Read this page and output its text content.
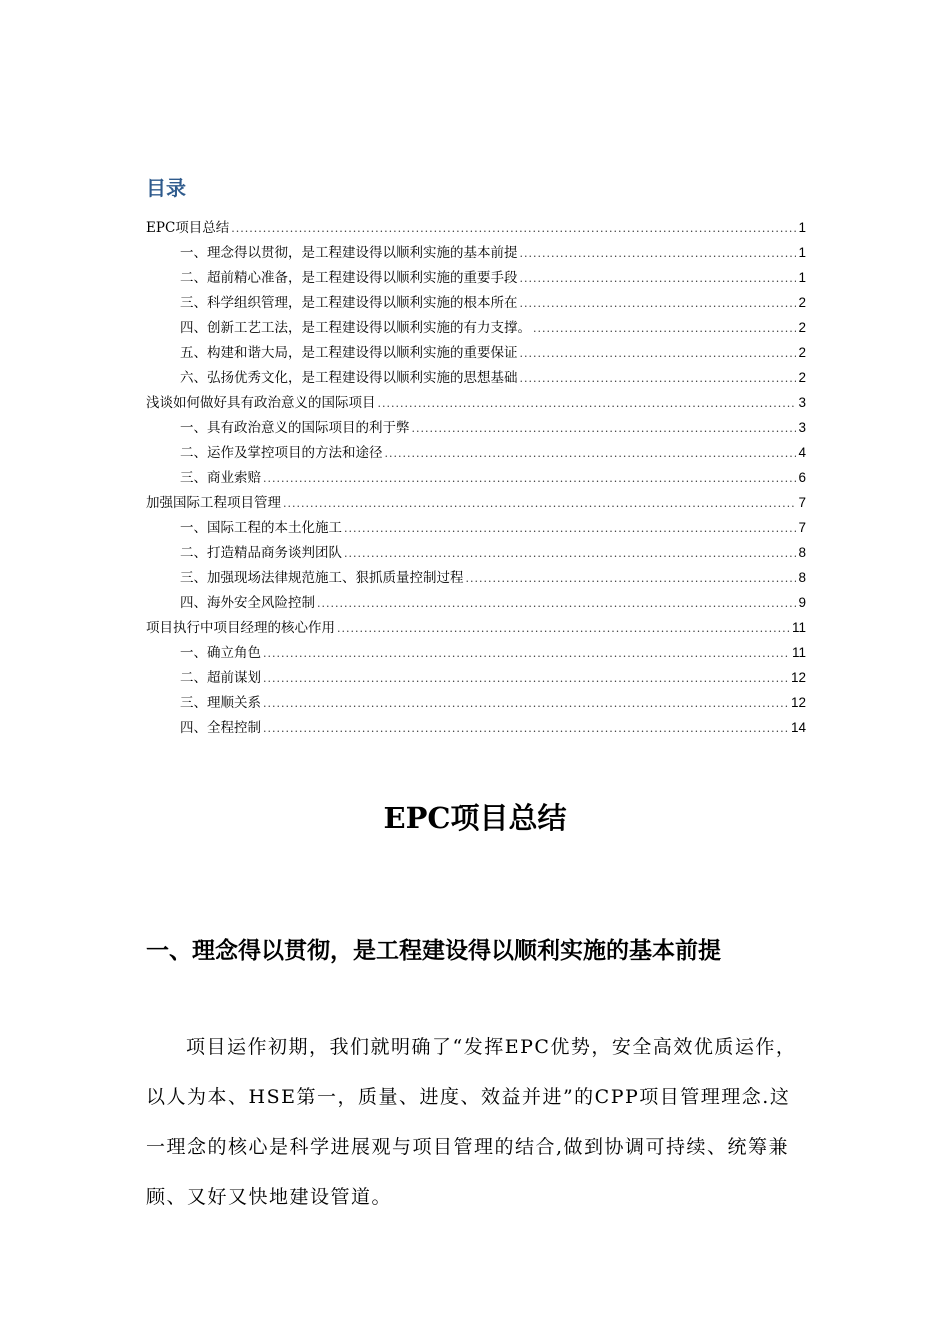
目录
EPC项目总结 .....	1
一、理念得以贯彻，是工程建设得以顺利实施的基本前提 .....	1
二、超前精心准备，是工程建设得以顺利实施的重要手段 .....	1
三、科学组织管理，是工程建设得以顺利实施的根本所在 .....	2
四、创新工艺工法，是工程建设得以顺利实施的有力支撑。 .....	2
五、构建和谐大局，是工程建设得以顺利实施的重要保证 .....	2
六、弘扬优秀文化，是工程建设得以顺利实施的思想基础 .....	2
浅谈如何做好具有政治意义的国际项目 .....	3
一、具有政治意义的国际项目的利于弊 .....	3
二、运作及掌控项目的方法和途径 .....	4
三、商业索赔 .....	6
加强国际工程项目管理 .....	7
一、国际工程的本土化施工 .....	7
二、打造精品商务谈判团队 .....	8
三、加强现场法律规范施工、狠抓质量控制过程 .....	8
四、海外安全风险控制 .....	9
项目执行中项目经理的核心作用 .....	11
一、确立角色 .....	11
二、超前谋划 .....	12
三、理顺关系 .....	12
四、全程控制 .....	14
EPC项目总结
一、理念得以贯彻，是工程建设得以顺利实施的基本前提

项目运作初期，我们就明确了“发挥EPC优势，安全高效优质运作，以人为本、HSE第一，质量、进度、效益并进”的CPP项目管理理念.这一理念的核心是科学进展观与项目管理的结合,做到协调可持续、统筹兼顾、又好又快地建设管道。
